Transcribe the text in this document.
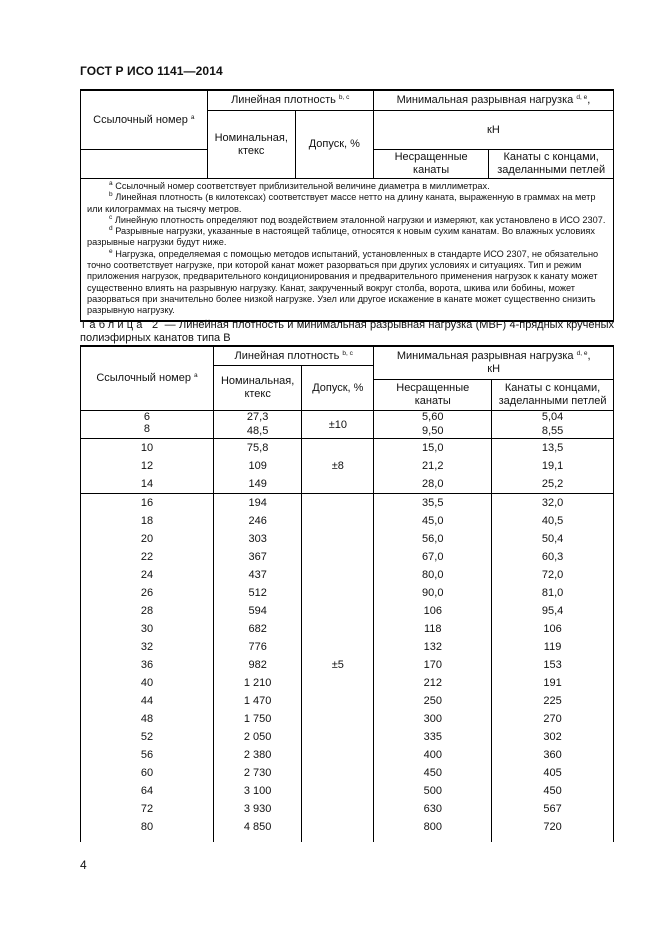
ГОСТ Р ИСО 1141—2014
Ссылочный номер $^a$	Линейная плотность $^{b, c}$		Минимальная разрывная нагрузка $^{d, e}$,	
	Номинальная, ктекс	Допуск, %	кН	
			Несращенные канаты	Канаты с концами, заделанными петлей

$^a$ Ссылочный номер соответствует приблизительной величине диаметра в миллиметрах.
$^b$ Линейная плотность (в килотексах) соответствует массе нетто на длину каната, выраженную в граммах на метр или килограммах на тысячу метров.
$^c$ Линейную плотность определяют под воздействием эталонной нагрузки и измеряют, как установлено в ИСО 2307.
$^d$ Разрывные нагрузки, указанные в настоящей таблице, относятся к новым сухим канатам. Во влажных условиях разрывные нагрузки будут ниже.
$^e$ Нагрузка, определяемая с помощью методов испытаний, установленных в стандарте ИСО 2307, не обязательно точно соответствует нагрузке, при которой канат может разорваться при других условиях и ситуациях. Тип и режим приложения нагрузок, предварительного кондиционирования и предварительного применения нагрузок к канату может существенно влиять на разрывную нагрузку. Канат, закрученный вокруг столба, ворота, шкива или бобины, может разорваться при значительно более низкой нагрузке. Узел или другое искажение в канате может существенно снизить разрывную нагрузку.				
Таблица 2 — Линейная плотность и минимальная разрывная нагрузка (MBF) 4-прядных крученых полиэфирных канатов типа В
Ссылочный номер $^a$	Линейная плотность $^{b, c}$		Минимальная разрывная нагрузка $^{d, e}$,
кН	
	Номинальная, ктекс	Допуск, %		
			Несращенные канаты	Канаты с концами, заделанными петлей
6	27,3	±10	5,60	5,04
8	48,5		9,50	8,55
10	75,8	±8	15,0	13,5
12	109		21,2	19,1
14	149		28,0	25,2
16	194	±5	35,5	32,0
18	246		45,0	40,5
20	303		56,0	50,4
22	367		67,0	60,3
24	437		80,0	72,0
26	512		90,0	81,0
28	594		106	95,4
30	682		118	106
32	776		132	119
36	982		170	153
40	1 210		212	191
44	1 470		250	225
48	1 750		300	270
52	2 050		335	302
56	2 380		400	360
60	2 730		450	405
64	3 100		500	450
72	3 930		630	567
80	4 850		800	720

4
